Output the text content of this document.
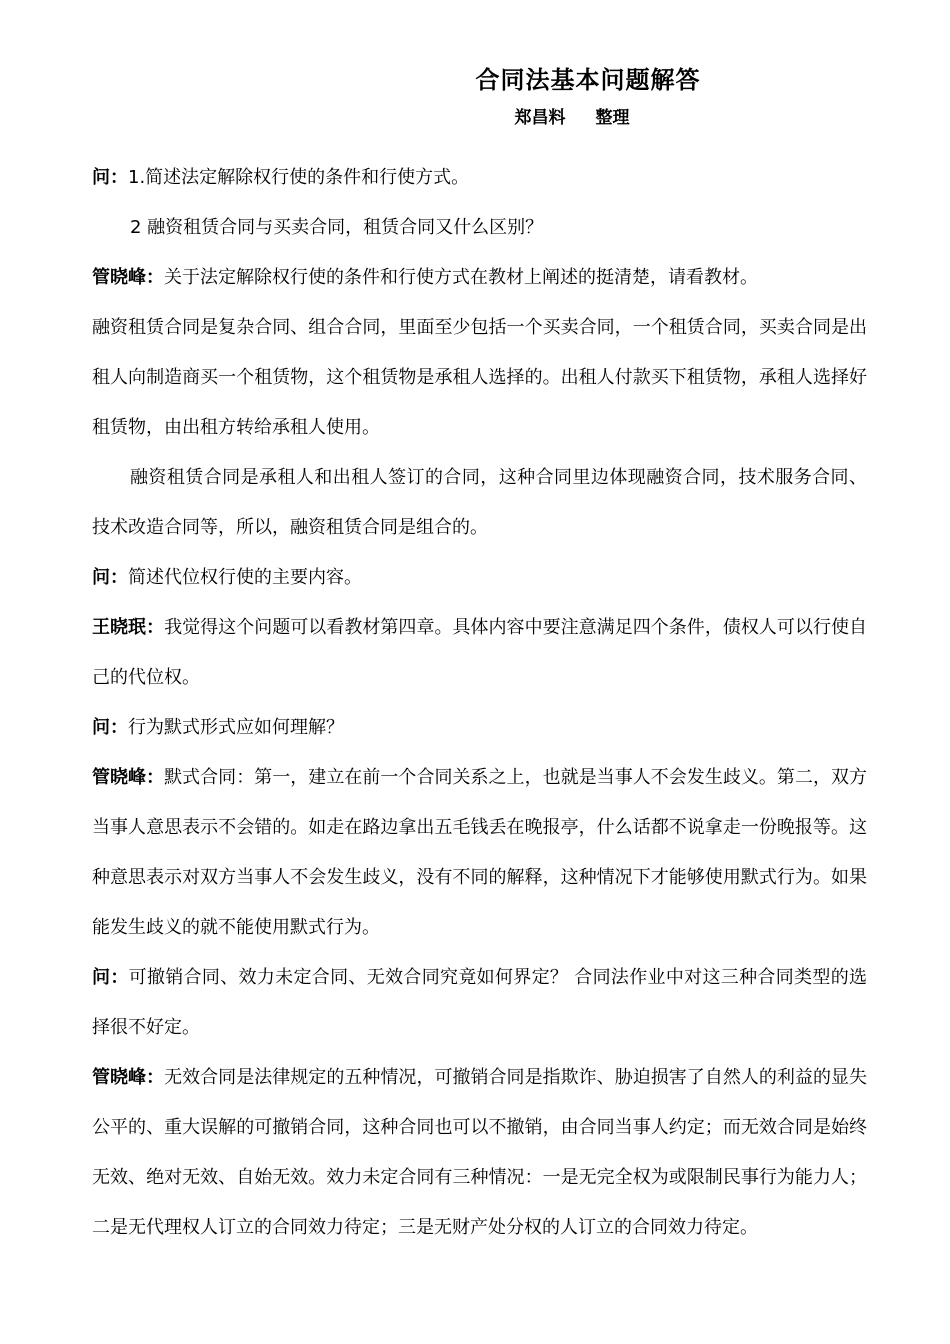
合同法基本问题解答
郑昌料 整理

问：1.简述法定解除权行使的条件和行使方式。

2 融资租赁合同与买卖合同，租赁合同又什么区别？

管晓峰：关于法定解除权行使的条件和行使方式在教材上阐述的挺清楚，请看教材。

融资租赁合同是复杂合同、组合合同，里面至少包括一个买卖合同，一个租赁合同，买卖合同是出租人向制造商买一个租赁物，这个租赁物是承租人选择的。出租人付款买下租赁物，承租人选择好租赁物，由出租方转给承租人使用。

融资租赁合同是承租人和出租人签订的合同，这种合同里边体现融资合同，技术服务合同、技术改造合同等，所以，融资租赁合同是组合的。

问：简述代位权行使的主要内容。

王晓珉：我觉得这个问题可以看教材第四章。具体内容中要注意满足四个条件，债权人可以行使自己的代位权。

问：行为默式形式应如何理解？

管晓峰：默式合同：第一，建立在前一个合同关系之上，也就是当事人不会发生歧义。第二，双方当事人意思表示不会错的。如走在路边拿出五毛钱丢在晚报亭，什么话都不说拿走一份晚报等。这种意思表示对双方当事人不会发生歧义，没有不同的解释，这种情况下才能够使用默式行为。如果能发生歧义的就不能使用默式行为。

问：可撤销合同、效力未定合同、无效合同究竟如何界定？ 合同法作业中对这三种合同类型的选择很不好定。

管晓峰：无效合同是法律规定的五种情况，可撤销合同是指欺诈、胁迫损害了自然人的利益的显失公平的、重大误解的可撤销合同，这种合同也可以不撤销，由合同当事人约定；而无效合同是始终无效、绝对无效、自始无效。效力未定合同有三种情况：一是无完全权为或限制民事行为能力人；二是无代理权人订立的合同效力待定；三是无财产处分权的人订立的合同效力待定。
